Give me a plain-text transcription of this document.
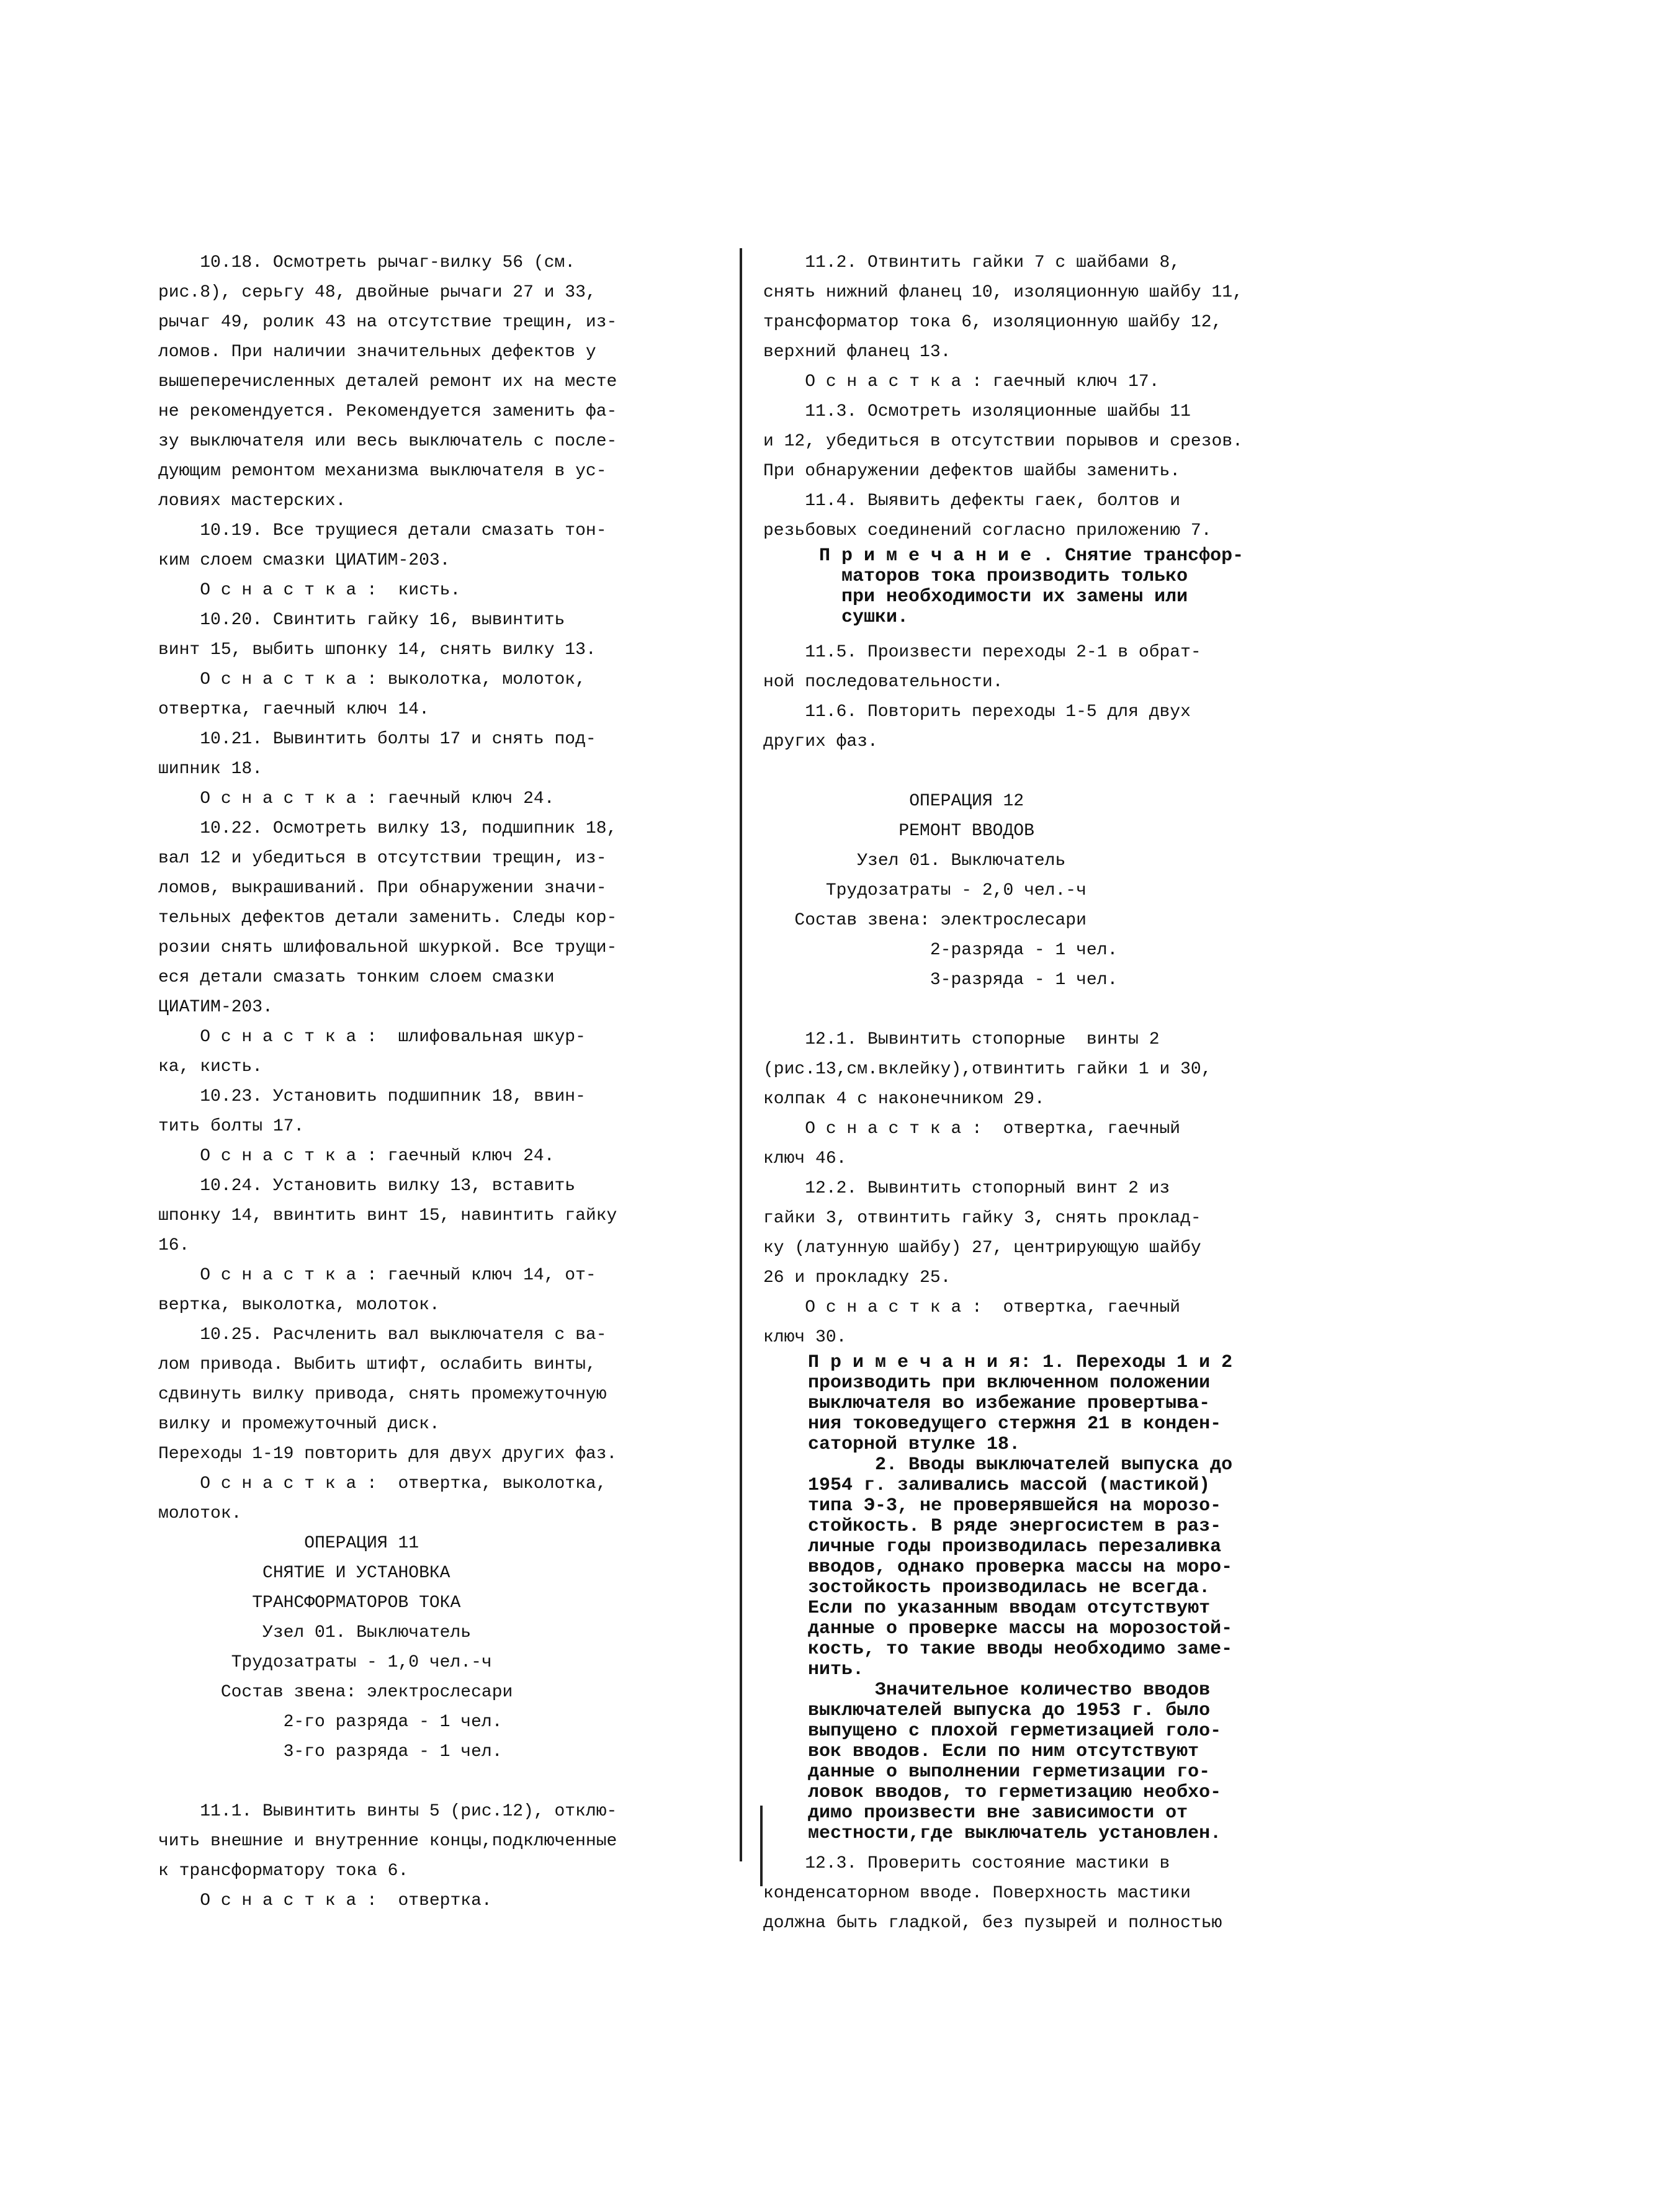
10.18. Осмотреть рычаг-вилку 56 (см.
рис.8), серьгу 48, двойные рычаги 27 и 33,
рычаг 49, ролик 43 на отсутствие трещин, из-
ломов. При наличии значительных дефектов у
вышеперечисленных деталей ремонт их на месте
не рекомендуется. Рекомендуется заменить фа-
зу выключателя или весь выключатель с после-
дующим ремонтом механизма выключателя в ус-
ловиях мастерских.
10.19. Все трущиеся детали смазать тон-
ким слоем смазки ЦИАТИМ-203.
О с н а с т к а :  кисть.
10.20. Свинтить гайку 16, вывинтить
винт 15, выбить шпонку 14, снять вилку 13.
О с н а с т к а : выколотка, молоток,
отвертка, гаечный ключ 14.
10.21. Вывинтить болты 17 и снять под-
шипник 18.
О с н а с т к а : гаечный ключ 24.
10.22. Осмотреть вилку 13, подшипник 18,
вал 12 и убедиться в отсутствии трещин, из-
ломов, выкрашиваний. При обнаружении значи-
тельных дефектов детали заменить. Следы кор-
розии снять шлифовальной шкуркой. Все трущи-
еся детали смазать тонким слоем смазки
ЦИАТИМ-203.
О с н а с т к а :  шлифовальная шкур-
ка, кисть.
10.23. Установить подшипник 18, ввин-
тить болты 17.
О с н а с т к а : гаечный ключ 24.
10.24. Установить вилку 13, вставить
шпонку 14, ввинтить винт 15, навинтить гайку
16.
О с н а с т к а : гаечный ключ 14, от-
вертка, выколотка, молоток.
10.25. Расчленить вал выключателя с ва-
лом привода. Выбить штифт, ослабить винты,
сдвинуть вилку привода, снять промежуточную
вилку и промежуточный диск.
Переходы 1-19 повторить для двух других фаз.
О с н а с т к а :  отвертка, выколотка,
молоток.
ОПЕРАЦИЯ 11
СНЯТИЕ И УСТАНОВКА
ТРАНСФОРМАТОРОВ ТОКА
Узел 01. Выключатель
Трудозатраты - 1,0 чел.-ч
Состав звена: электрослесари
2-го разряда - 1 чел.
3-го разряда - 1 чел.
11.1. Вывинтить винты 5 (рис.12), отклю-
чить внешние и внутренние концы,подключенные
к трансформатору тока 6.
О с н а с т к а :  отвертка.
11.2. Отвинтить гайки 7 с шайбами 8,
снять нижний фланец 10, изоляционную шайбу 11,
трансформатор тока 6, изоляционную шайбу 12,
верхний фланец 13.
О с н а с т к а : гаечный ключ 17.
11.3. Осмотреть изоляционные шайбы 11
и 12, убедиться в отсутствии порывов и срезов.
При обнаружении дефектов шайбы заменить.
11.4. Выявить дефекты гаек, болтов и
резьбовых соединений согласно приложению 7.
П р и м е ч а н и е . Снятие трансфор-
маторов тока производить только
при необходимости их замены или
сушки.
11.5. Произвести переходы 2-1 в обрат-
ной последовательности.
11.6. Повторить переходы 1-5 для двух
других фаз.
ОПЕРАЦИЯ 12
РЕМОНТ ВВОДОВ
Узел 01. Выключатель
Трудозатраты - 2,0 чел.-ч
Состав звена: электрослесари
2-разряда - 1 чел.
3-разряда - 1 чел.
12.1. Вывинтить стопорные  винты 2
(рис.13,см.вклейку),отвинтить гайки 1 и 30,
колпак 4 с наконечником 29.
О с н а с т к а :  отвертка, гаечный
ключ 46.
12.2. Вывинтить стопорный винт 2 из
гайки 3, отвинтить гайку 3, снять проклад-
ку (латунную шайбу) 27, центрирующую шайбу
26 и прокладку 25.
О с н а с т к а :  отвертка, гаечный
ключ 30.
П р и м е ч а н и я: 1. Переходы 1 и 2
производить при включенном положении
выключателя во избежание провертыва-
ния токоведущего стержня 21 в конден-
саторной втулке 18.
2. Вводы выключателей выпуска до
1954 г. заливались массой (мастикой)
типа Э-3, не проверявшейся на морозо-
стойкость. В ряде энергосистем в раз-
личные годы производилась перезаливка
вводов, однако проверка массы на моро-
зостойкость производилась не всегда.
Если по указанным вводам отсутствуют
данные о проверке массы на морозостой-
кость, то такие вводы необходимо заме-
нить.
Значительное количество вводов
выключателей выпуска до 1953 г. было
выпущено с плохой герметизацией голо-
вок вводов. Если по ним отсутствуют
данные о выполнении герметизации го-
ловок вводов, то герметизацию необхо-
димо произвести вне зависимости от
местности,где выключатель установлен.
12.3. Проверить состояние мастики в
конденсаторном вводе. Поверхность мастики
должна быть гладкой, без пузырей и полностью
